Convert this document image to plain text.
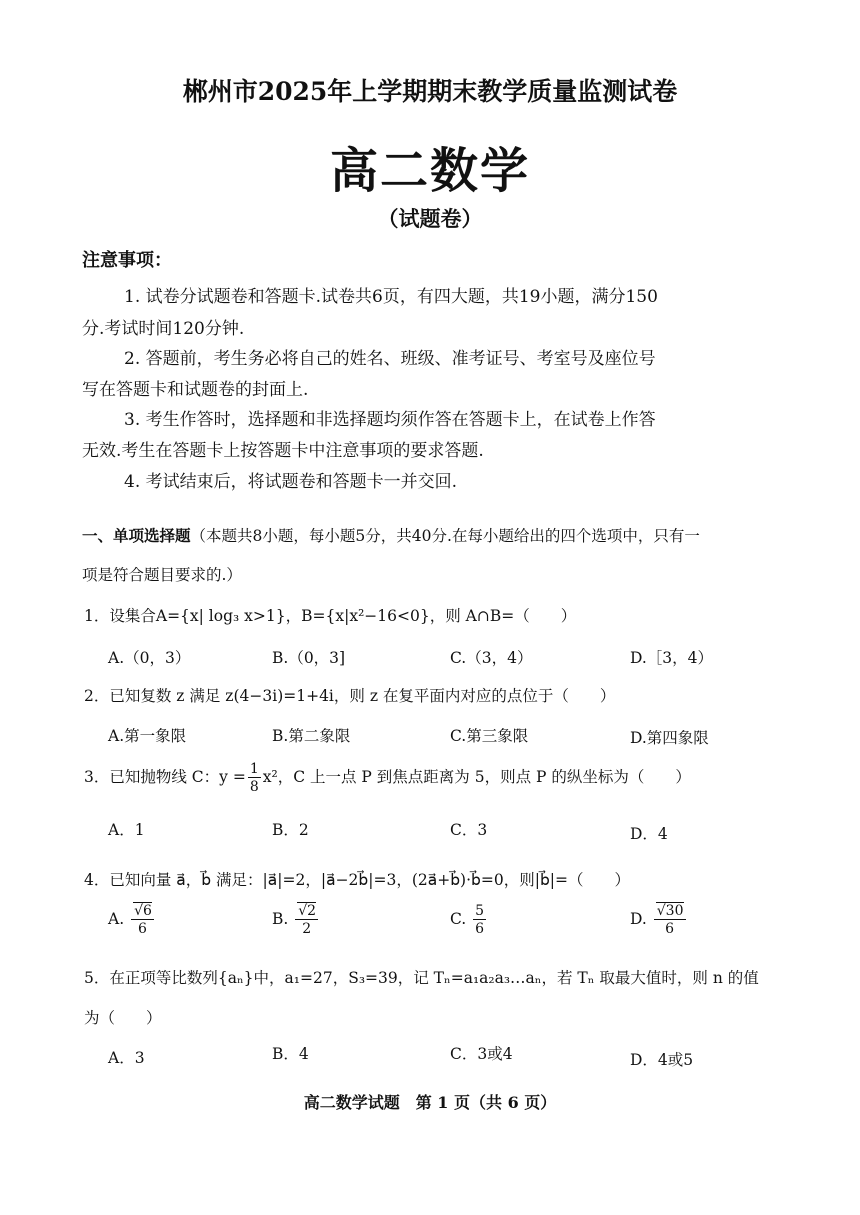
郴州市2025年上学期期末教学质量监测试卷
高二数学
（试题卷）
注意事项：
1. 试卷分试题卷和答题卡.试卷共6页，有四大题，共19小题，满分150
分.考试时间120分钟.
2. 答题前，考生务必将自己的姓名、班级、准考证号、考室号及座位号
写在答题卡和试题卷的封面上.
3. 考生作答时，选择题和非选择题均须作答在答题卡上，在试卷上作答
无效.考生在答题卡上按答题卡中注意事项的要求答题.
4. 考试结束后，将试题卷和答题卡一并交回.
一、单项选择题（本题共8小题，每小题5分，共40分.在每小题给出的四个选项中，只有一
项是符合题目要求的.）
1．设集合A={x| log₃ x>1}，B={x|x²−16<0}，则 A∩B=（　　）
A.（0，3）	B.（0，3]	C.（3，4）	D.［3，4）
2．已知复数 z 满足 z(4−3i)=1+4i，则 z 在复平面内对应的点位于（　　）
A.第一象限	B.第二象限	C.第三象限	D.第四象限
3．已知抛物线 C：$y = \frac{1}{8} x^2$，C 上一点 P 到焦点距离为 5，则点 P 的纵坐标为（　　）
A．1	B．2	C．3	D．4
4．已知向量 a⃗，b⃗ 满足：|a⃗|=2，|a⃗−2b⃗|=3，(2a⃗+b⃗)·b⃗=0，则|b⃗|=（　　）
A. $\frac{√6}{6}$	B. $\frac{√2}{2}$	C. $\frac{5}{6}$	D. $\frac{√30}{6}$
5．在正项等比数列{aₙ}中，a₁=27，S₃=39，记 Tₙ=a₁a₂a₃…aₙ，若 Tₙ 取最大值时，则 n 的值
为（　　）
A．3	B．4	C．3或4	D．4或5
高二数学试题　第 1 页（共 6 页）
